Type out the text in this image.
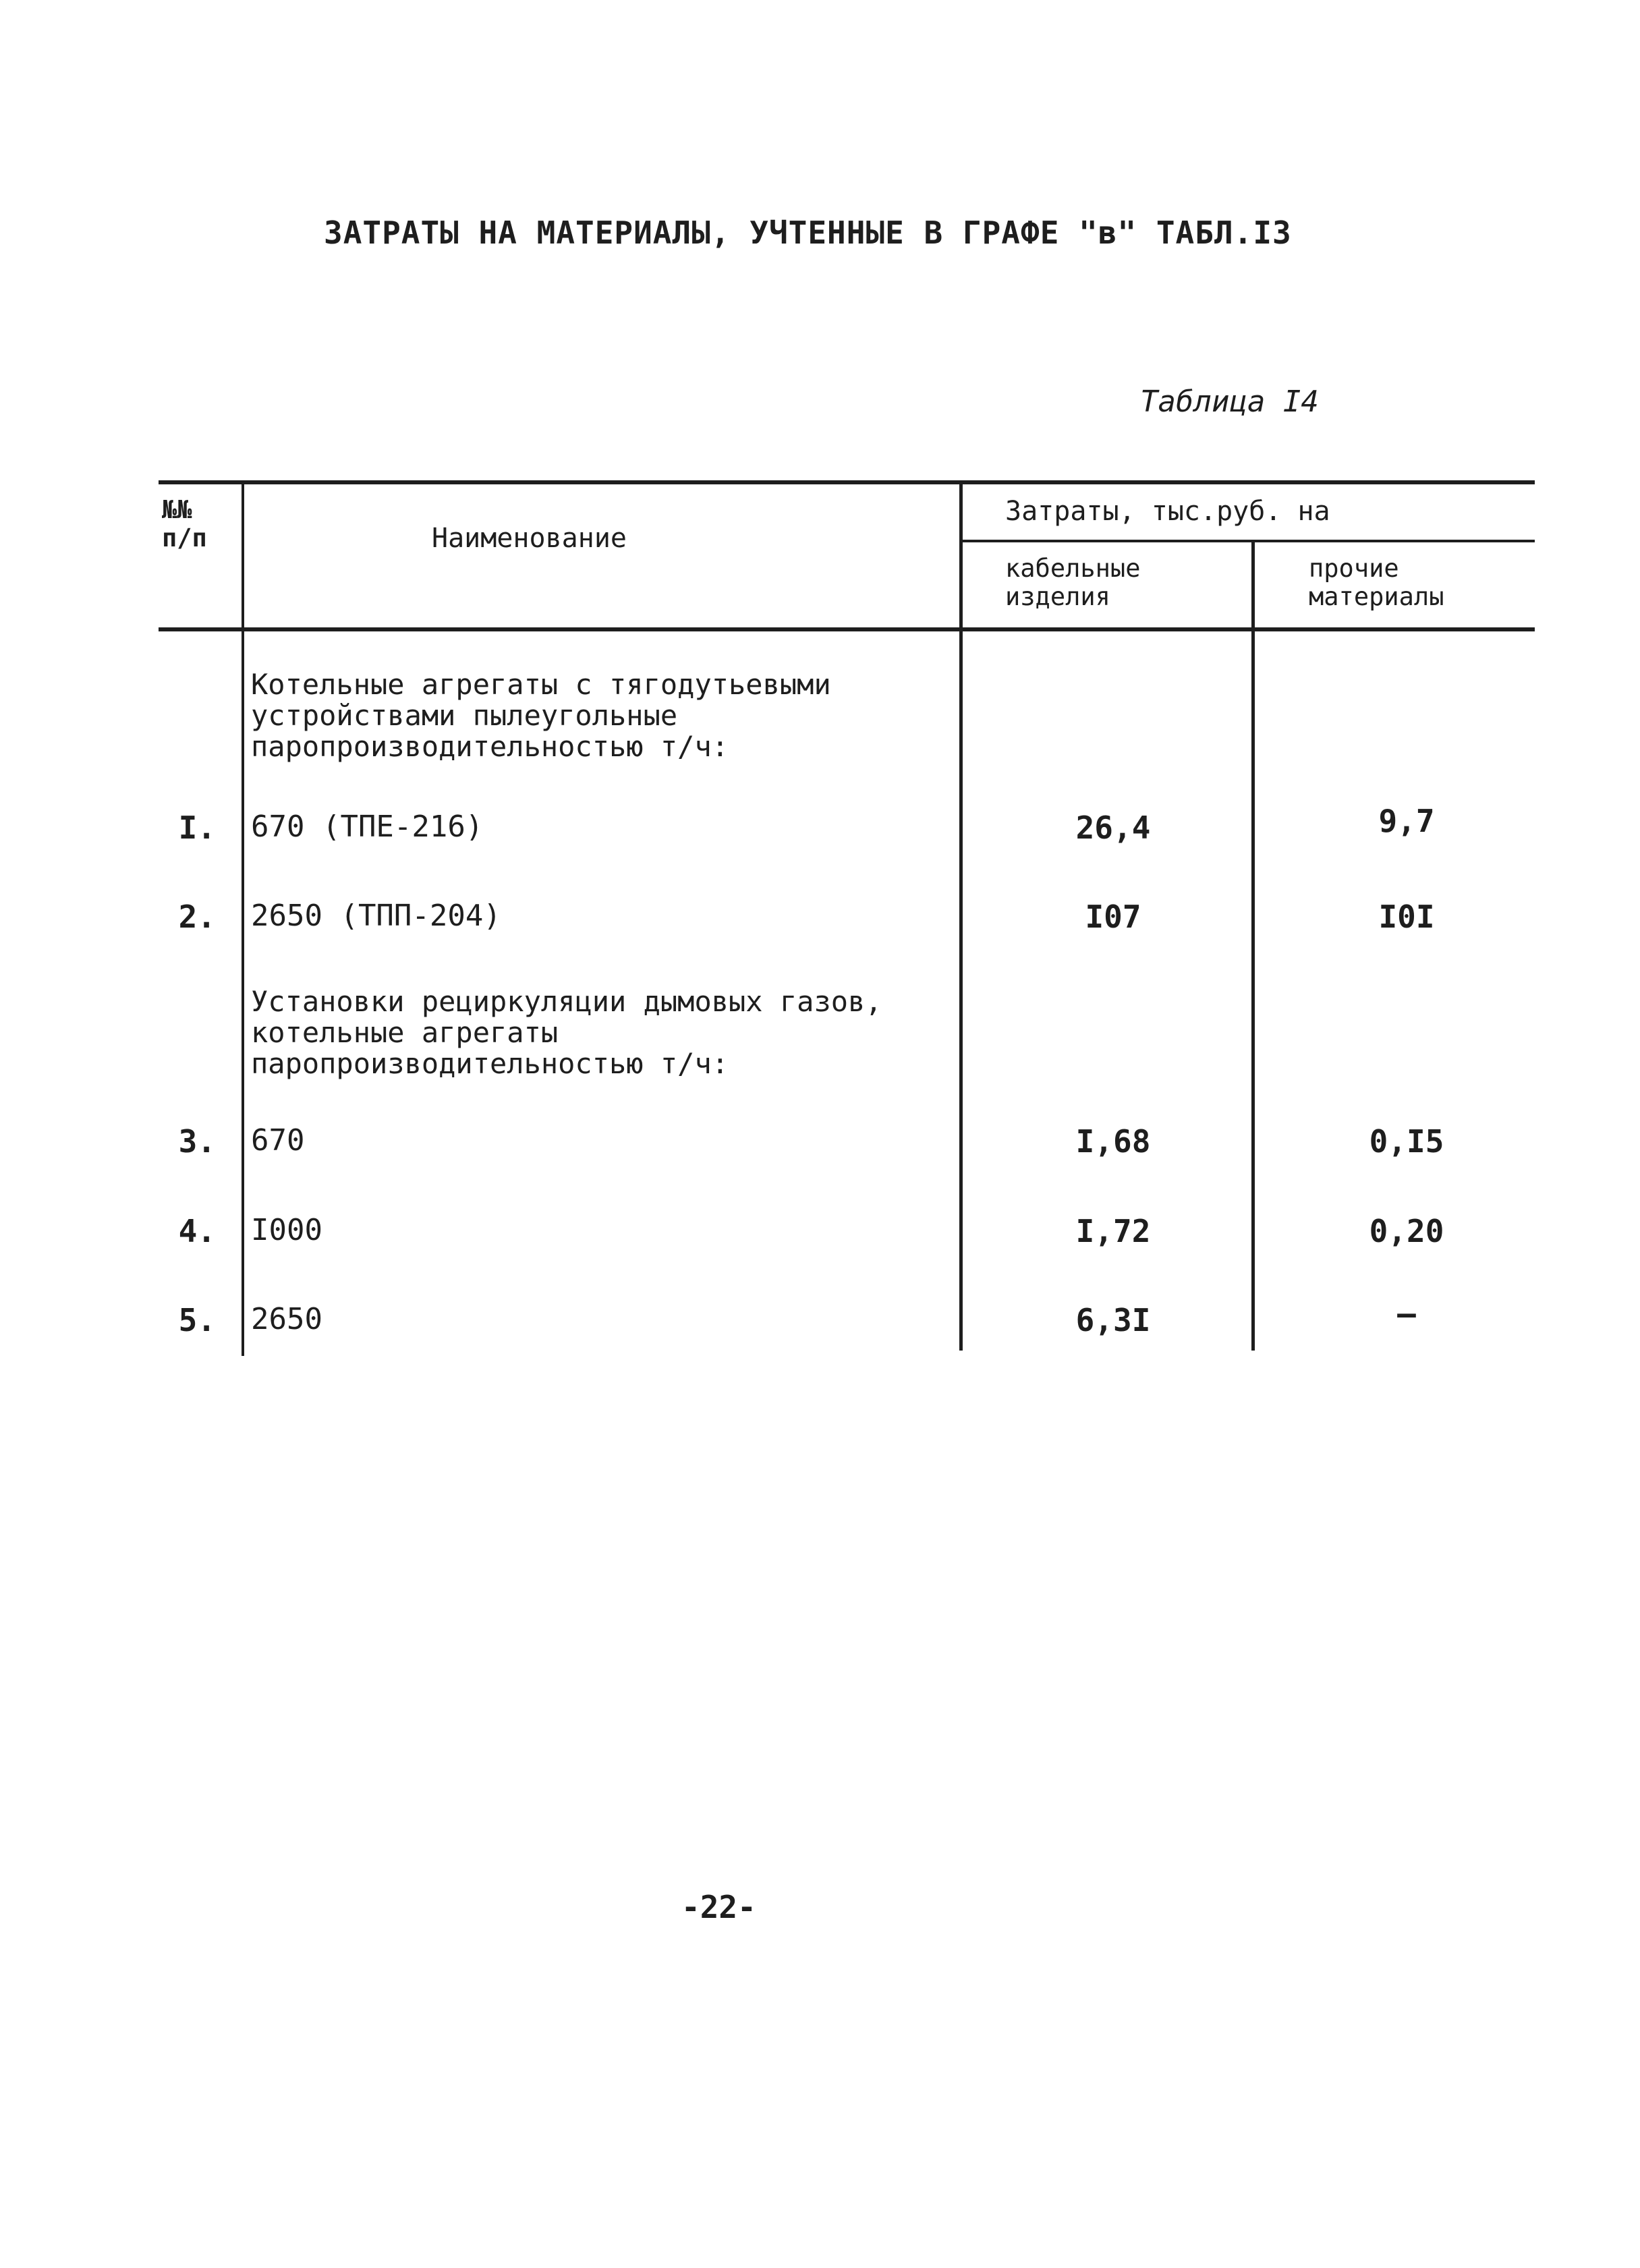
ЗАТРАТЫ НА МАТЕРИАЛЫ, УЧТЕННЫЕ В ГРАФЕ "в" ТАБЛ.I3
Таблица I4
№№ п/п	Наименование
Затраты, тыс.руб. на
кабельные изделия
прочие материалы
Котельные агрегаты с тягодутьевыми устройствами пылеугольные паропроизводительностью т/ч:
I. 670 (ТПЕ-216)	26,4	9,7
2. 2650 (ТПП-204)	I07	I0I
Установки рециркуляции дымовых газов, котельные агрегаты паропроизводительностью т/ч:
3. 670	I,68	0,I5
4. I000	I,72	0,20
5. 2650	6,3I	—
-22-
